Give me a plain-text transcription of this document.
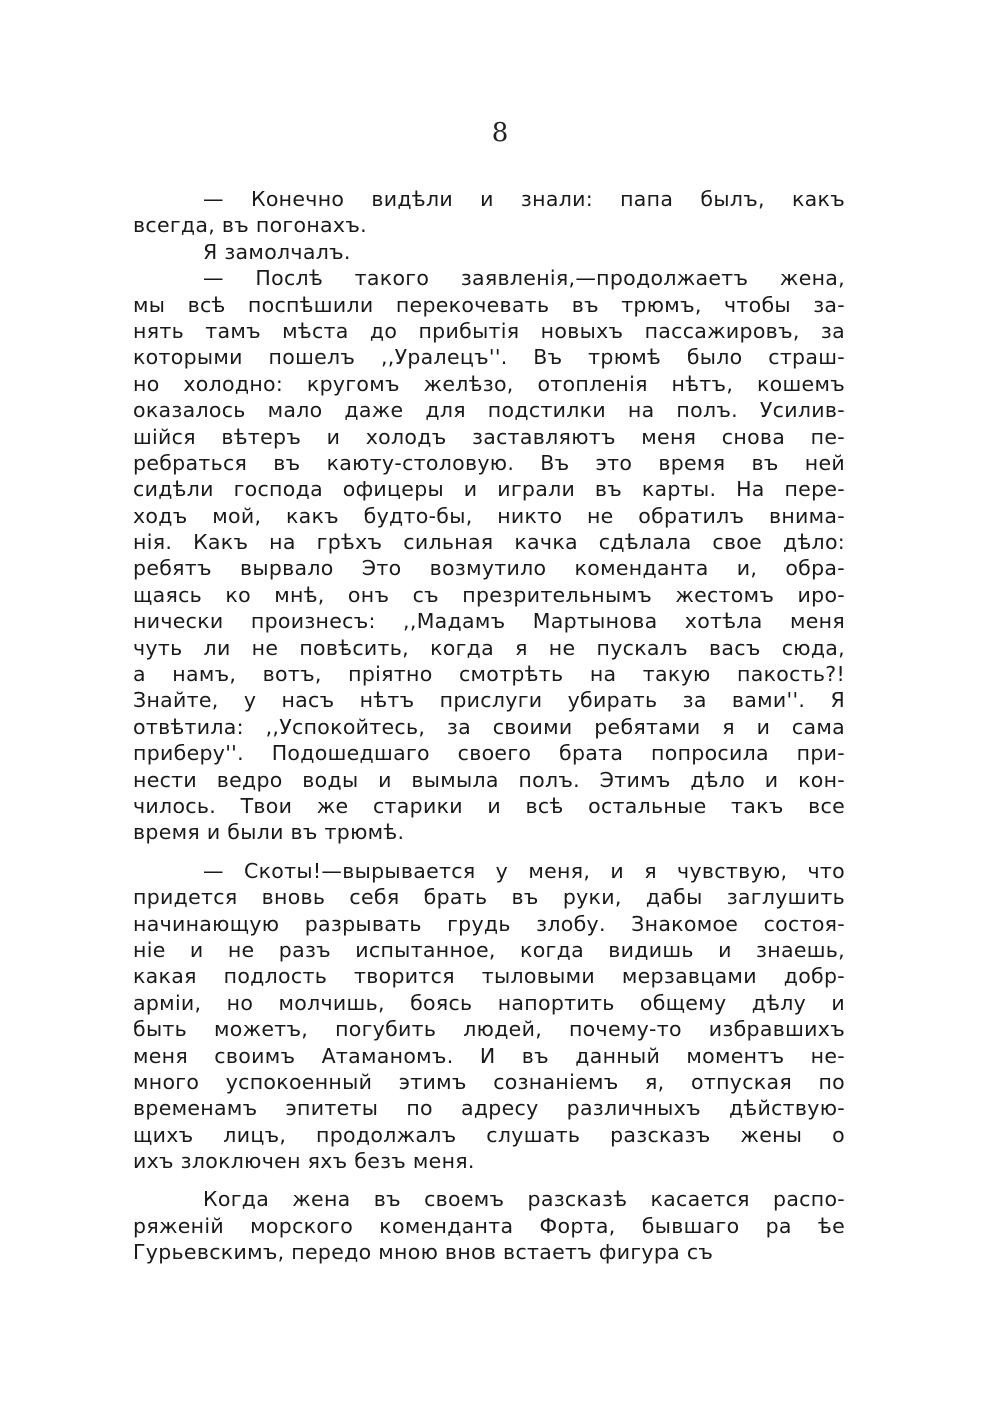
8
— Конечно видѣли и знали: папа былъ, какъ
всегда, въ погонахъ.
Я замолчалъ.
— Послѣ такого заявленія,—продолжаетъ жена,
мы всѣ поспѣшили перекочевать въ трюмъ, чтобы за-
нять тамъ мѣста до прибытія новыхъ пассажировъ, за
которыми пошелъ ,,Уралецъ''. Въ трюмѣ было страш-
но холодно: кругомъ желѣзо, отопленія нѣтъ, кошемъ
оказалось мало даже для подстилки на полъ. Усилив-
шійся вѣтеръ и холодъ заставляютъ меня снова пе-
ребраться въ каюту-столовую. Въ это время въ ней
сидѣли господа офицеры и играли въ карты. На пере-
ходъ мой, какъ будто-бы, никто не обратилъ внима-
нія. Какъ на грѣхъ сильная качка сдѣлала свое дѣло:
ребятъ вырвало Это возмутило коменданта и, обра-
щаясь ко мнѣ, онъ съ презрительнымъ жестомъ иро-
нически произнесъ: ,,Мадамъ Мартынова хотѣла меня
чуть ли не повѣсить, когда я не пускалъ васъ сюда,
а намъ, вотъ, пріятно смотрѣть на такую пакость?!
Знайте, у насъ нѣтъ прислуги убирать за вами''. Я
отвѣтила: ,,Успокойтесь, за своими ребятами я и сама
приберу''. Подошедшаго своего брата попросила при-
нести ведро воды и вымыла полъ. Этимъ дѣло и кон-
чилось. Твои же старики и всѣ остальные такъ все
время и были въ трюмѣ.
— Скоты!—вырывается у меня, и я чувствую, что
придется вновь себя брать въ руки, дабы заглушить
начинающую разрывать грудь злобу. Знакомое состоя-
ніе и не разъ испытанное, когда видишь и знаешь,
какая подлость творится тыловыми мерзавцами добр-
арміи, но молчишь, боясь напортить общему дѣлу и
быть можетъ, погубить людей, почему-то избравшихъ
меня своимъ Атаманомъ. И въ данный моментъ не-
много успокоенный этимъ сознаніемъ я, отпуская по
временамъ эпитеты по адресу различныхъ дѣйствую-
щихъ лицъ, продолжалъ слушать разсказъ жены о
ихъ злоключен яхъ безъ меня.
Когда жена въ своемъ разсказѣ касается распо-
ряженій морского коменданта Форта, бывшаго ра ѣе
Гурьевскимъ, передо мною внов встаетъ фигура съ
